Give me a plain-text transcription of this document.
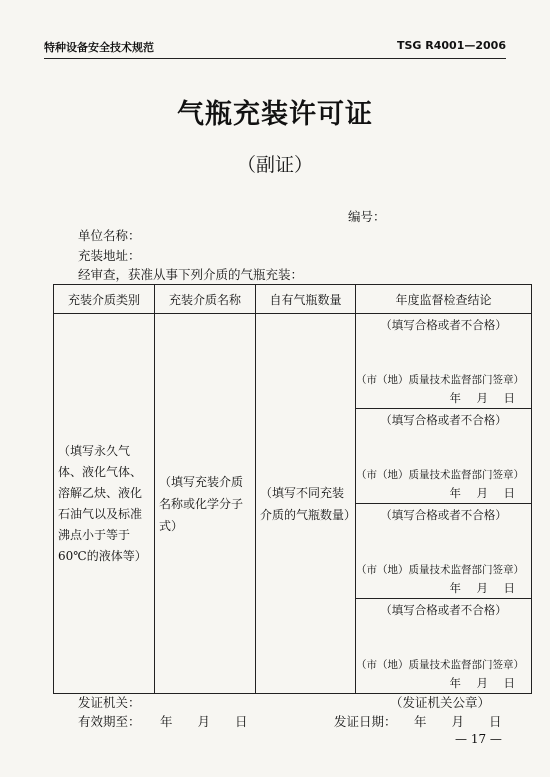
特种设备安全技术规范	TSG R4001—2006
气瓶充装许可证
（副证）
编号：
单位名称：
充装地址：
经审查，获准从事下列介质的气瓶充装：
充装介质类别	充装介质名称	自有气瓶数量	年度监督检查结论
（填写永久气体、液化气体、溶解乙炔、液化石油气以及标准沸点小于等于60℃的液体等）	（填写充装介质名称或化学分子式）	（填写不同充装介质的气瓶数量）	（填写合格或者不合格）
（市（地）质量技术监督部门签章）
年　月　日

			（填写合格或者不合格）
（市（地）质量技术监督部门签章）
年　月　日

			（填写合格或者不合格）
（市（地）质量技术监督部门签章）
年　月　日

			（填写合格或者不合格）
（市（地）质量技术监督部门签章）
年　月　日
发证机关：	（发证机关公章）
有效期至： 年　　月　　日	发证日期： 年　　月　　日
— 17 —
